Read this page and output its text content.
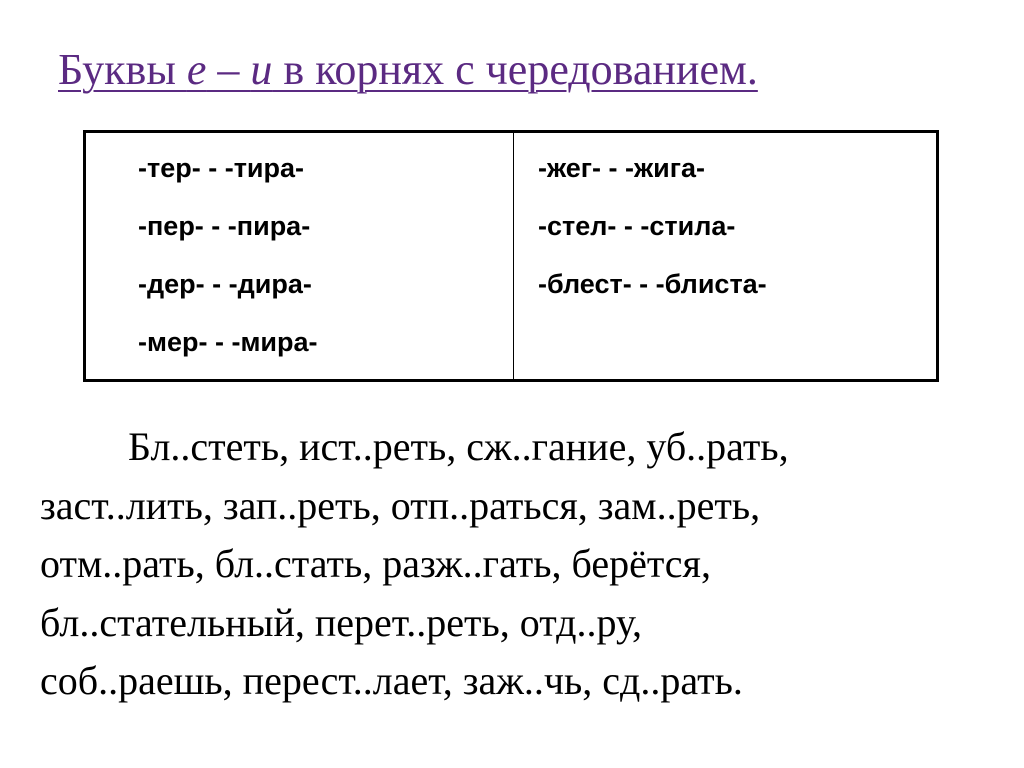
Буквы е – и в корнях с чередованием.
-тер- - -тира-
-пер- - -пира-
-дер- - -дира-
-мер- - -мира-
-жег- - -жига-
-стел- - -стила-
-блест- - -блиста-
Бл..стеть, ист..реть, сж..гание, уб..рать,
заст..лить, зап..реть, отп..раться, зам..реть,
отм..рать, бл..стать, разж..гать, берётся,
бл..стательный, перет..реть, отд..ру,
соб..раешь, перест..лает, заж..чь, сд..рать.
